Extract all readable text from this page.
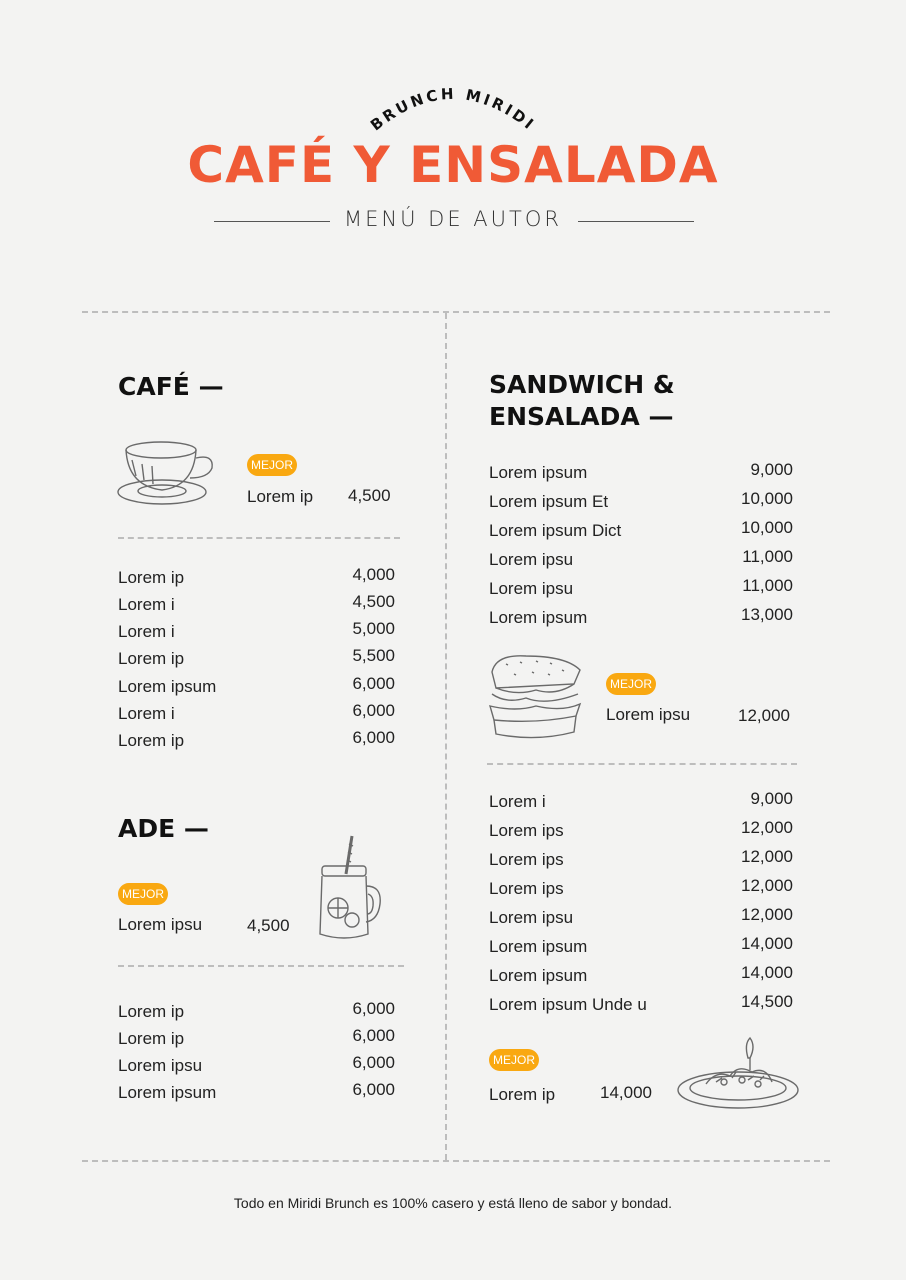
BRUNCH MIRIDI
CAFÉ Y ENSALADA
MENÚ DE AUTOR
CAFÉ —
MEJOR
Lorem ip 4,500
Lorem ip	4,000
Lorem i	4,500
Lorem i	5,000
Lorem ip	5,500
Lorem ipsum	6,000
Lorem i	6,000
Lorem ip	6,000
ADE —
MEJOR
Lorem ipsu	4,500
Lorem ip	6,000
Lorem ip	6,000
Lorem ipsu	6,000
Lorem ipsum	6,000
SANDWICH &
ENSALADA —
Lorem ipsum	9,000
Lorem ipsum Et	10,000
Lorem ipsum Dict	10,000
Lorem ipsu	11,000
Lorem ipsu	11,000
Lorem ipsum	13,000
MEJOR
Lorem ipsu	12,000
Lorem i	9,000
Lorem ips	12,000
Lorem ips	12,000
Lorem ips	12,000
Lorem ipsu	12,000
Lorem ipsum	14,000
Lorem ipsum	14,000
Lorem ipsum Unde u	14,500
MEJOR
Lorem ip	14,000
Todo en Miridi Brunch es 100% casero y está lleno de sabor y bondad.
